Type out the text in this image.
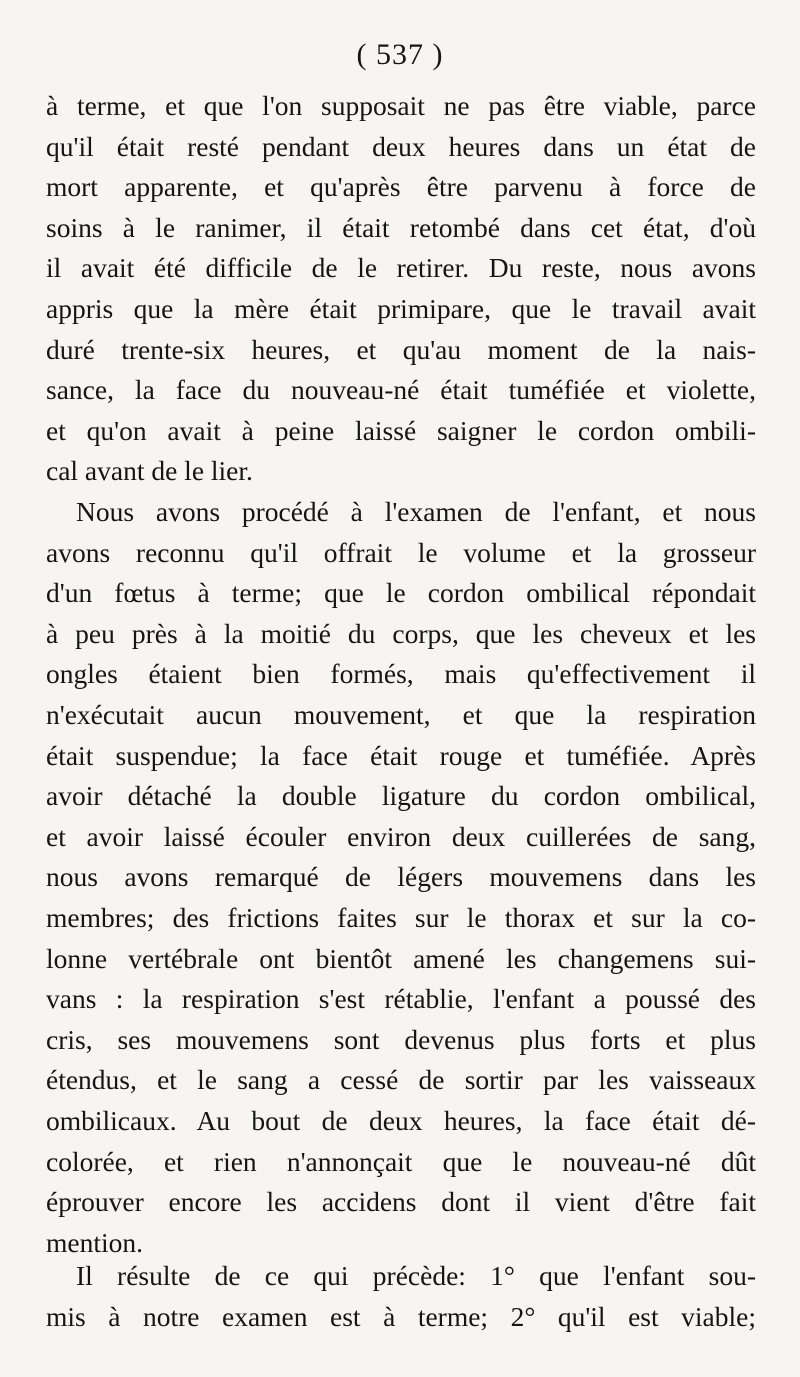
( 537 )
à terme, et que l'on supposait ne pas être viable, parce
qu'il était resté pendant deux heures dans un état de
mort apparente, et qu'après être parvenu à force de
soins à le ranimer, il était retombé dans cet état, d'où
il avait été difficile de le retirer. Du reste, nous avons
appris que la mère était primipare, que le travail avait
duré trente-six heures, et qu'au moment de la nais-
sance, la face du nouveau-né était tuméfiée et violette,
et qu'on avait à peine laissé saigner le cordon ombili-
cal avant de le lier.
Nous avons procédé à l'examen de l'enfant, et nous
avons reconnu qu'il offrait le volume et la grosseur
d'un fœtus à terme; que le cordon ombilical répondait
à peu près à la moitié du corps, que les cheveux et les
ongles étaient bien formés, mais qu'effectivement il
n'exécutait aucun mouvement, et que la respiration
était suspendue; la face était rouge et tuméfiée. Après
avoir détaché la double ligature du cordon ombilical,
et avoir laissé écouler environ deux cuillerées de sang,
nous avons remarqué de légers mouvemens dans les
membres; des frictions faites sur le thorax et sur la co-
lonne vertébrale ont bientôt amené les changemens sui-
vans : la respiration s'est rétablie, l'enfant a poussé des
cris, ses mouvemens sont devenus plus forts et plus
étendus, et le sang a cessé de sortir par les vaisseaux
ombilicaux. Au bout de deux heures, la face était dé-
colorée, et rien n'annonçait que le nouveau-né dût
éprouver encore les accidens dont il vient d'être fait
mention.
Il résulte de ce qui précède: 1° que l'enfant sou-
mis à notre examen est à terme; 2° qu'il est viable;
